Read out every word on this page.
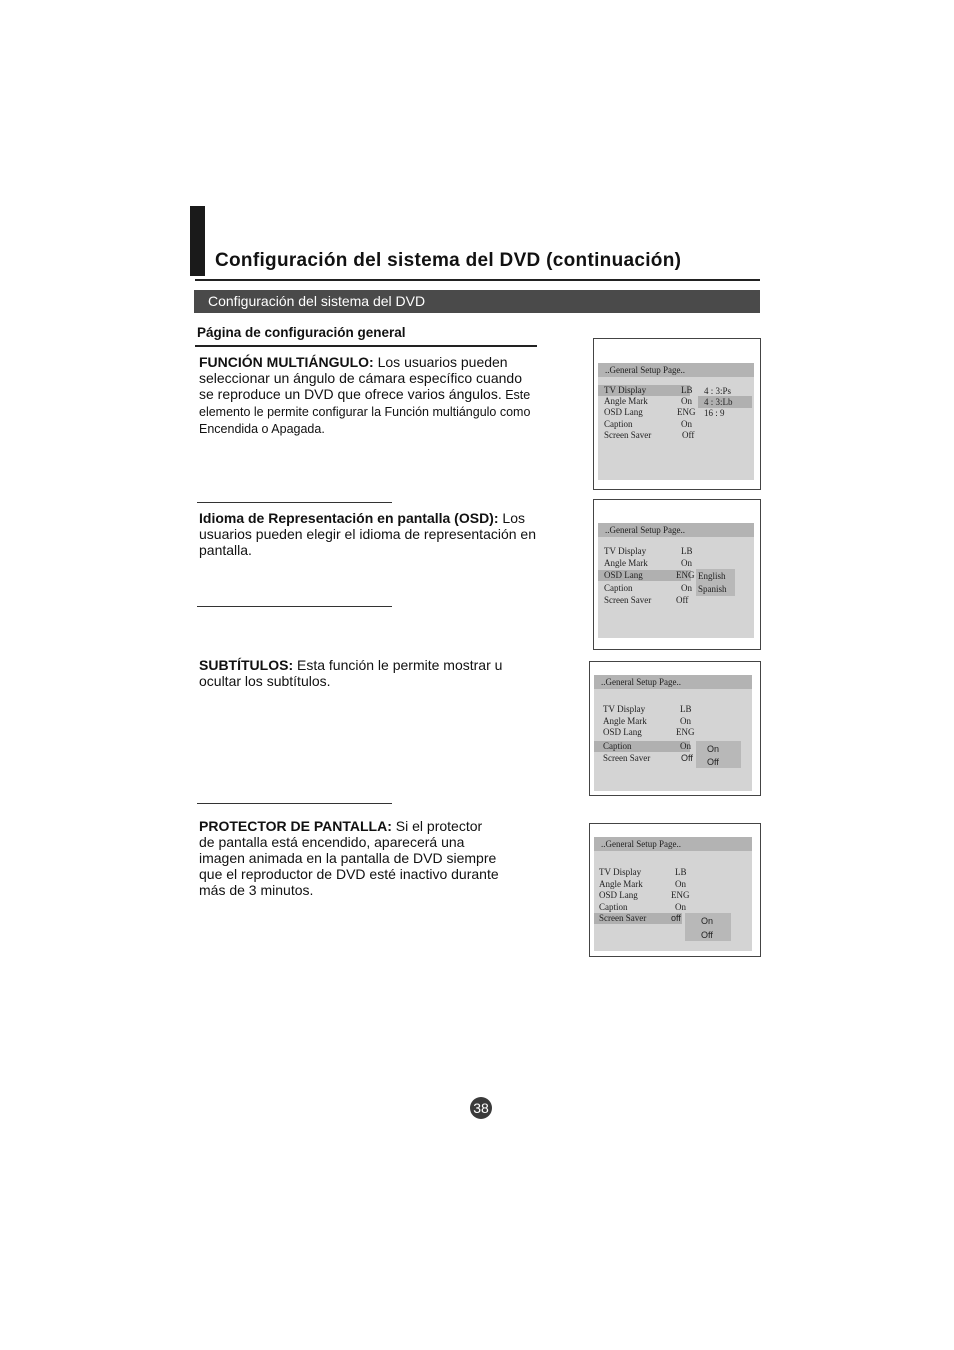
Configuración del sistema del DVD (continuación)
Configuración del sistema del DVD
Página de configuración general
FUNCIÓN MULTIÁNGULO: Los usuarios pueden seleccionar un ángulo de cámara específico cuando se reproduce un DVD que ofrece varios ángulos. Este elemento le permite configurar la Función multiángulo como Encendida o Apagada.
Idioma de Representación en pantalla (OSD): Los usuarios pueden elegir el idioma de representación en pantalla.
SUBTÍTULOS: Esta función le permite mostrar u ocultar los subtítulos.
PROTECTOR DE PANTALLA: Si el protector de pantalla está encendido, aparecerá una imagen animada en la pantalla de DVD siempre que el reproductor de DVD esté inactivo durante más de 3 minutos.
..General Setup Page..
TV Display	LB
Angle Mark	On
OSD Lang	ENG
Caption	On
Screen Saver	Off
4 : 3:Ps
4 : 3:Lb
16 : 9
..General Setup Page..
TV Display	LB
Angle Mark	On
OSD Lang	ENG
Caption	On
Screen Saver	Off
English
Spanish
..General Setup Page..
TV Display	LB
Angle Mark	On
OSD Lang	ENG
Caption	On
Screen Saver	Off
On
Off
..General Setup Page..
TV Display	LB
Angle Mark	On
OSD Lang	ENG
Caption	On
Screen Saver	off On
Off
38
